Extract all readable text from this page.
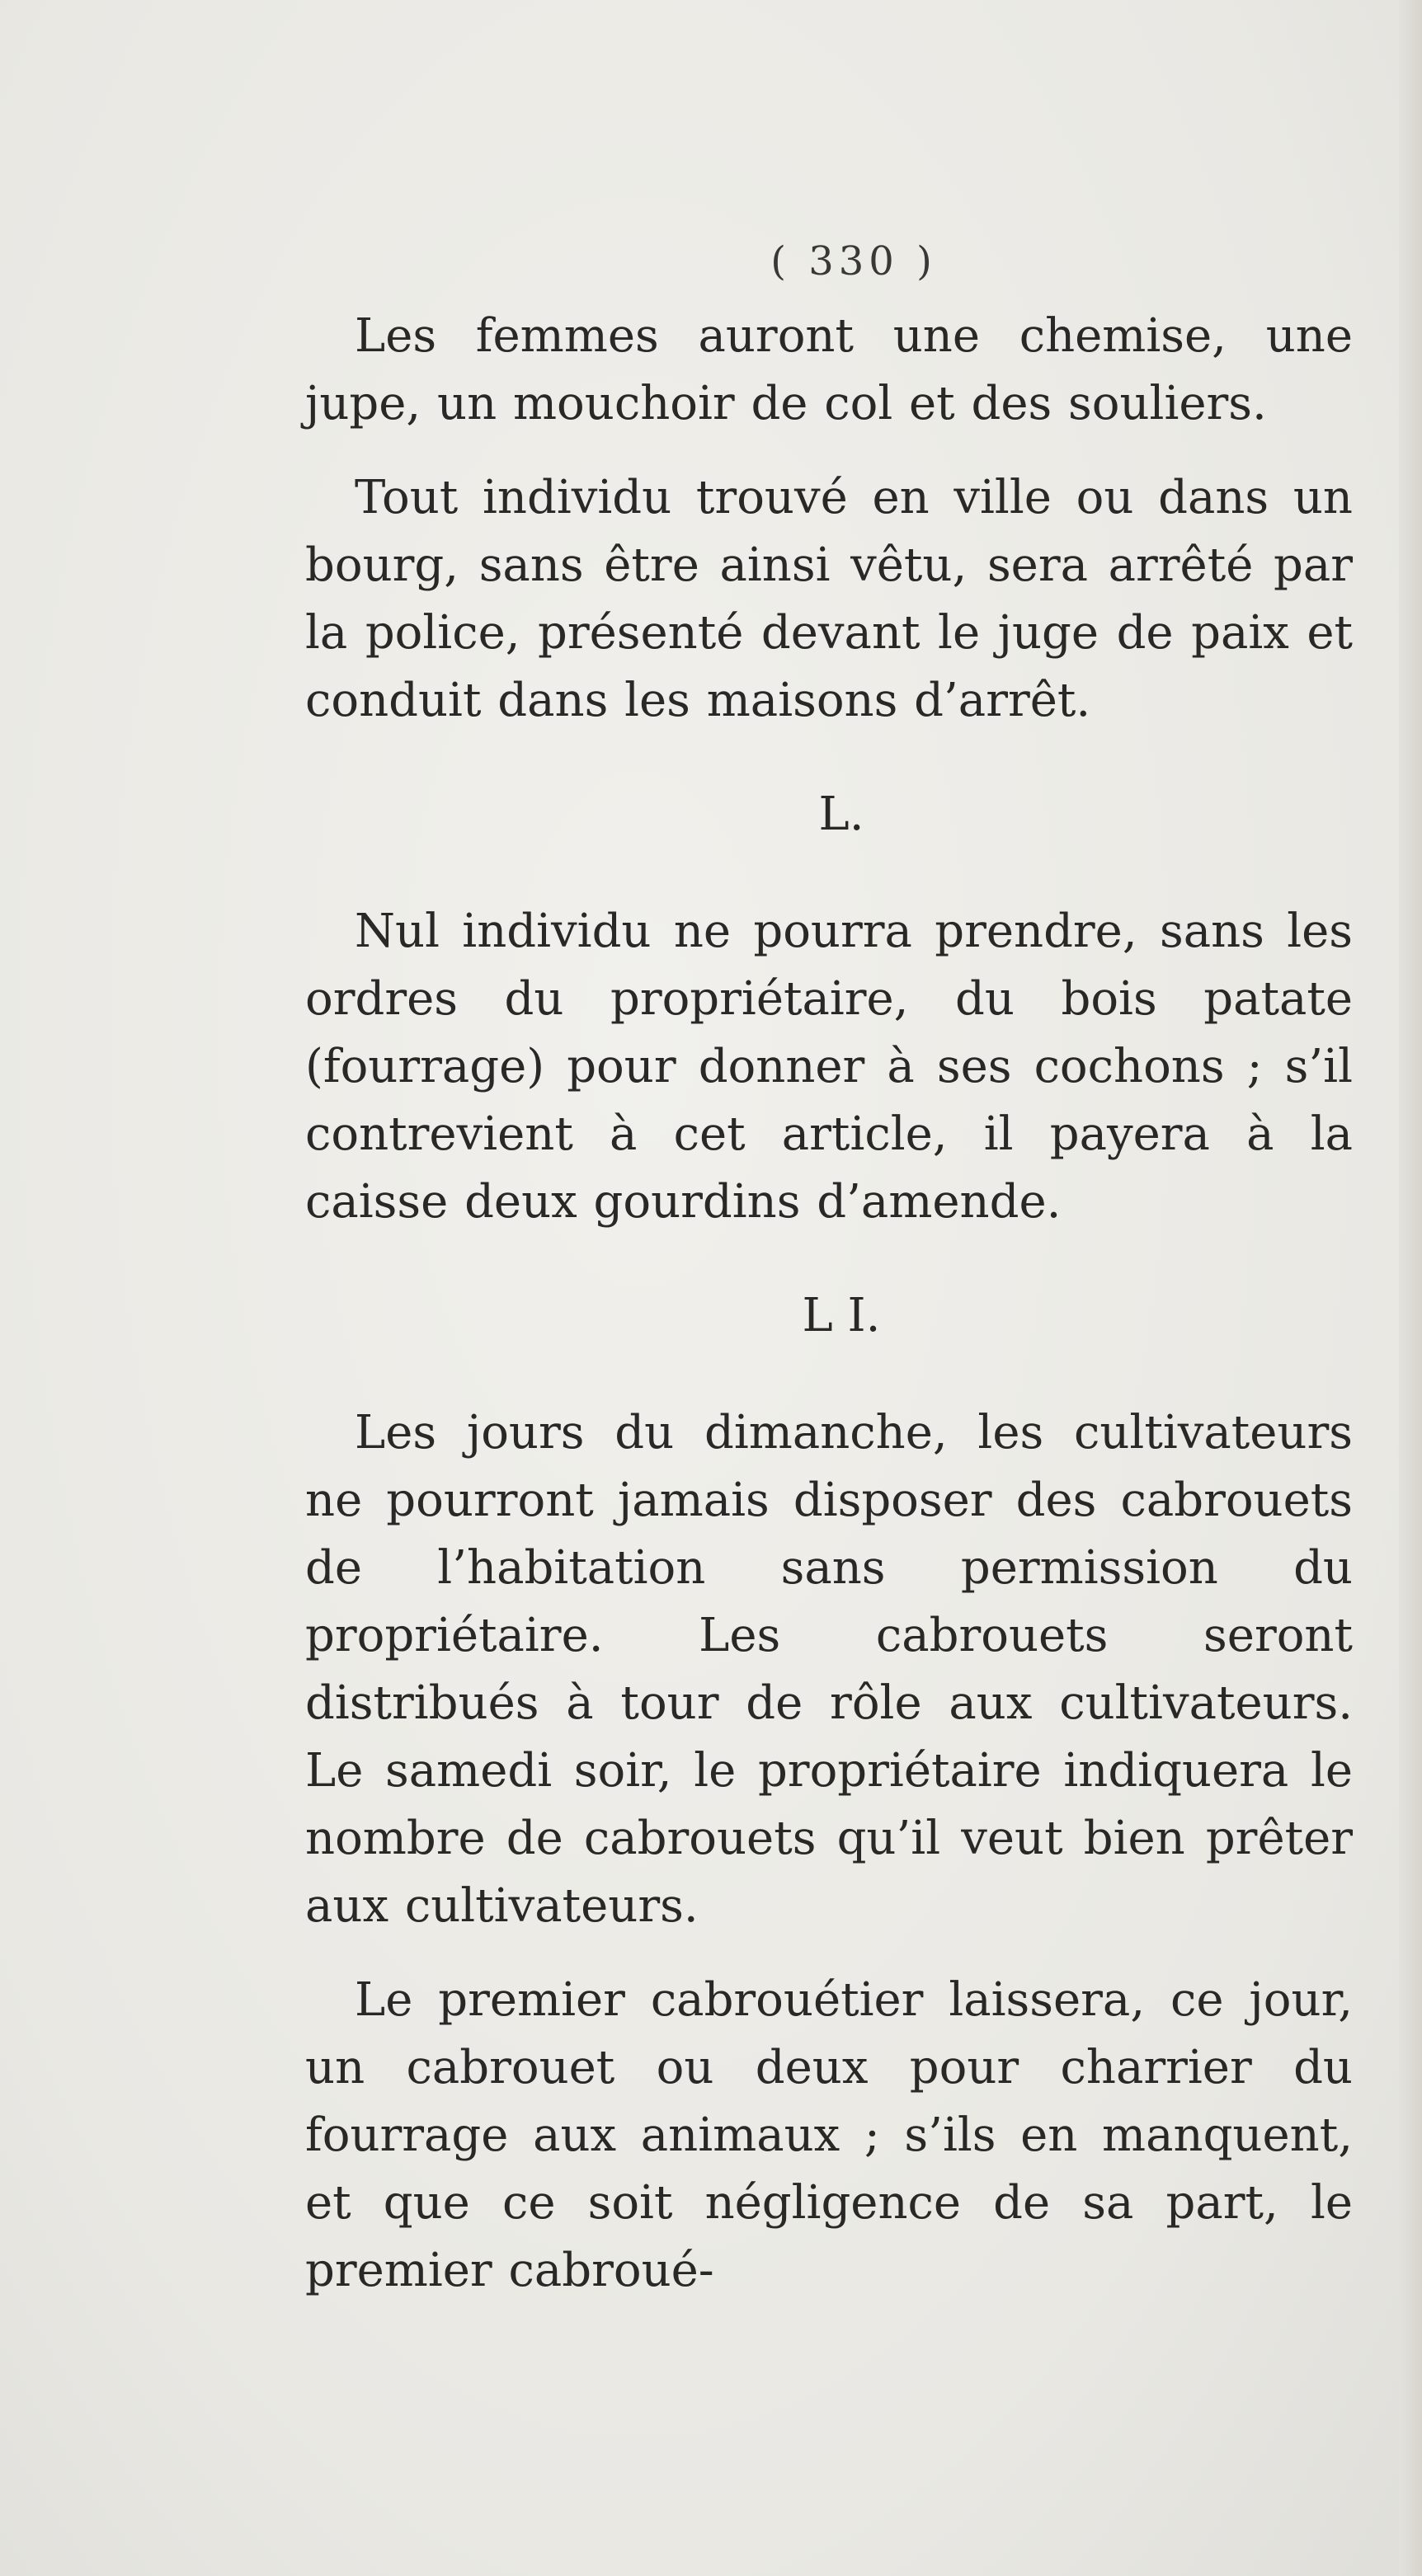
( 330 )

Les femmes auront une chemise, une jupe, un mouchoir de col et des souliers.

Tout individu trouvé en ville ou dans un bourg, sans être ainsi vêtu, sera arrêté par la police, présenté devant le juge de paix et conduit dans les maisons d’arrêt.

L.

Nul individu ne pourra prendre, sans les ordres du propriétaire, du bois patate (fourrage) pour donner à ses cochons ; s’il contrevient à cet article, il payera à la caisse deux gourdins d’amende.

L I.

Les jours du dimanche, les cultivateurs ne pourront jamais disposer des cabrouets de l’habitation sans permission du propriétaire. Les cabrouets seront distribués à tour de rôle aux cultivateurs. Le samedi soir, le propriétaire indiquera le nombre de cabrouets qu’il veut bien prêter aux cultivateurs.

Le premier cabrouétier laissera, ce jour, un cabrouet ou deux pour charrier du fourrage aux animaux ; s’ils en manquent, et que ce soit négligence de sa part, le premier cabroué-
